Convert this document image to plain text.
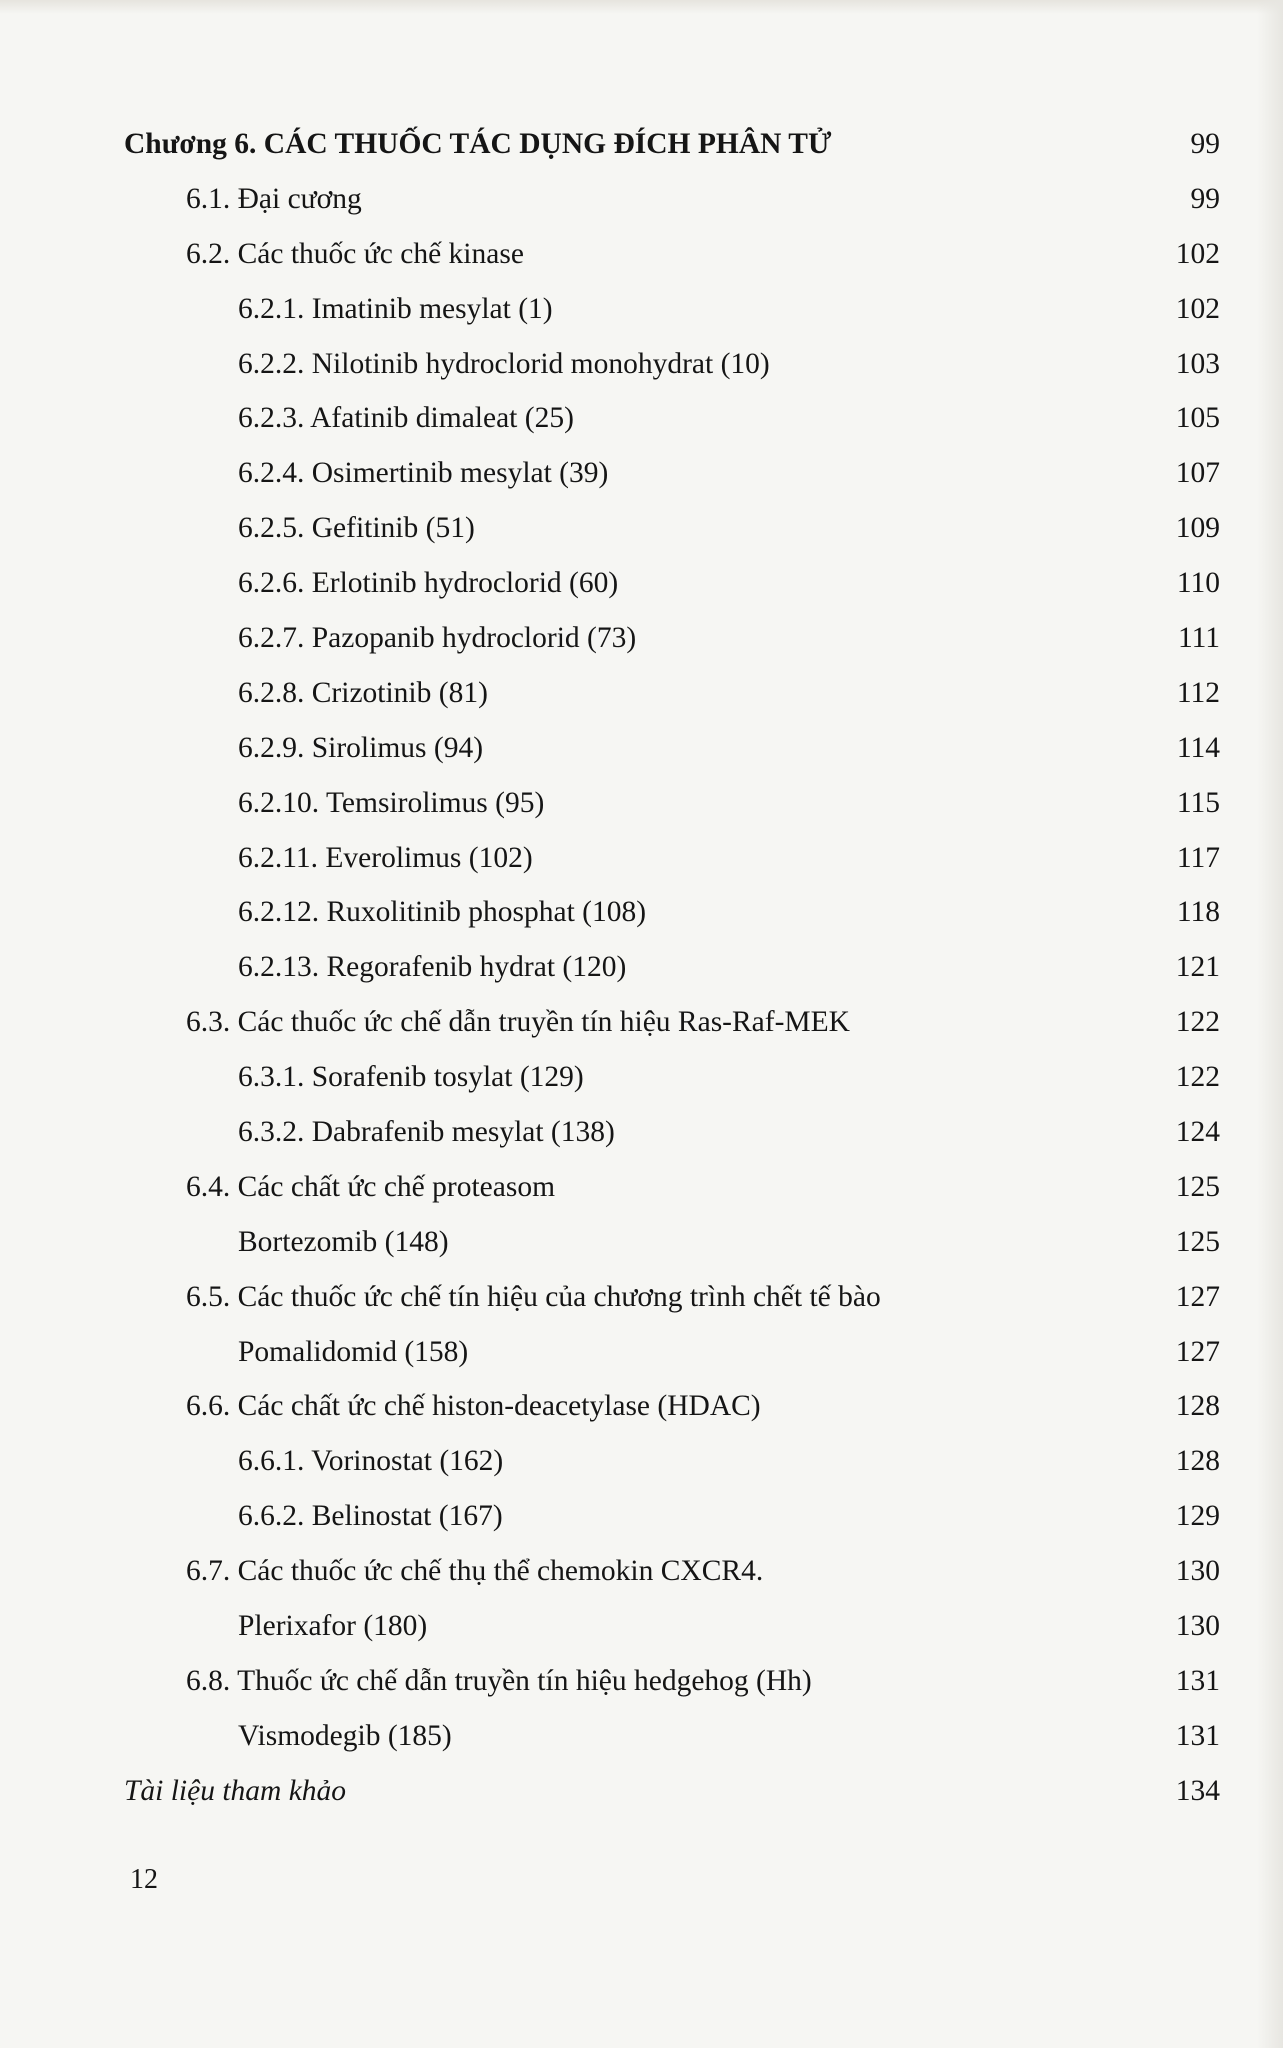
Chương 6. CÁC THUỐC TÁC DỤNG ĐÍCH PHÂN TỬ	99
6.1. Đại cương	99
6.2. Các thuốc ức chế kinase	102
6.2.1. Imatinib mesylat (1)	102
6.2.2. Nilotinib hydroclorid monohydrat (10)	103
6.2.3. Afatinib dimaleat (25)	105
6.2.4. Osimertinib mesylat (39)	107
6.2.5. Gefitinib (51)	109
6.2.6. Erlotinib hydroclorid (60)	110
6.2.7. Pazopanib hydroclorid (73)	111
6.2.8. Crizotinib (81)	112
6.2.9. Sirolimus (94)	114
6.2.10. Temsirolimus (95)	115
6.2.11. Everolimus (102)	117
6.2.12. Ruxolitinib phosphat (108)	118
6.2.13. Regorafenib hydrat (120)	121
6.3. Các thuốc ức chế dẫn truyền tín hiệu Ras-Raf-MEK	122
6.3.1. Sorafenib tosylat (129)	122
6.3.2. Dabrafenib mesylat (138)	124
6.4. Các chất ức chế proteasom	125
Bortezomib (148)	125
6.5. Các thuốc ức chế tín hiệu của chương trình chết tế bào	127
Pomalidomid (158)	127
6.6. Các chất ức chế histon-deacetylase (HDAC)	128
6.6.1. Vorinostat (162)	128
6.6.2. Belinostat (167)	129
6.7. Các thuốc ức chế thụ thể chemokin CXCR4.	130
Plerixafor (180)	130
6.8. Thuốc ức chế dẫn truyền tín hiệu hedgehog (Hh)	131
Vismodegib (185)	131
Tài liệu tham khảo	134
12
